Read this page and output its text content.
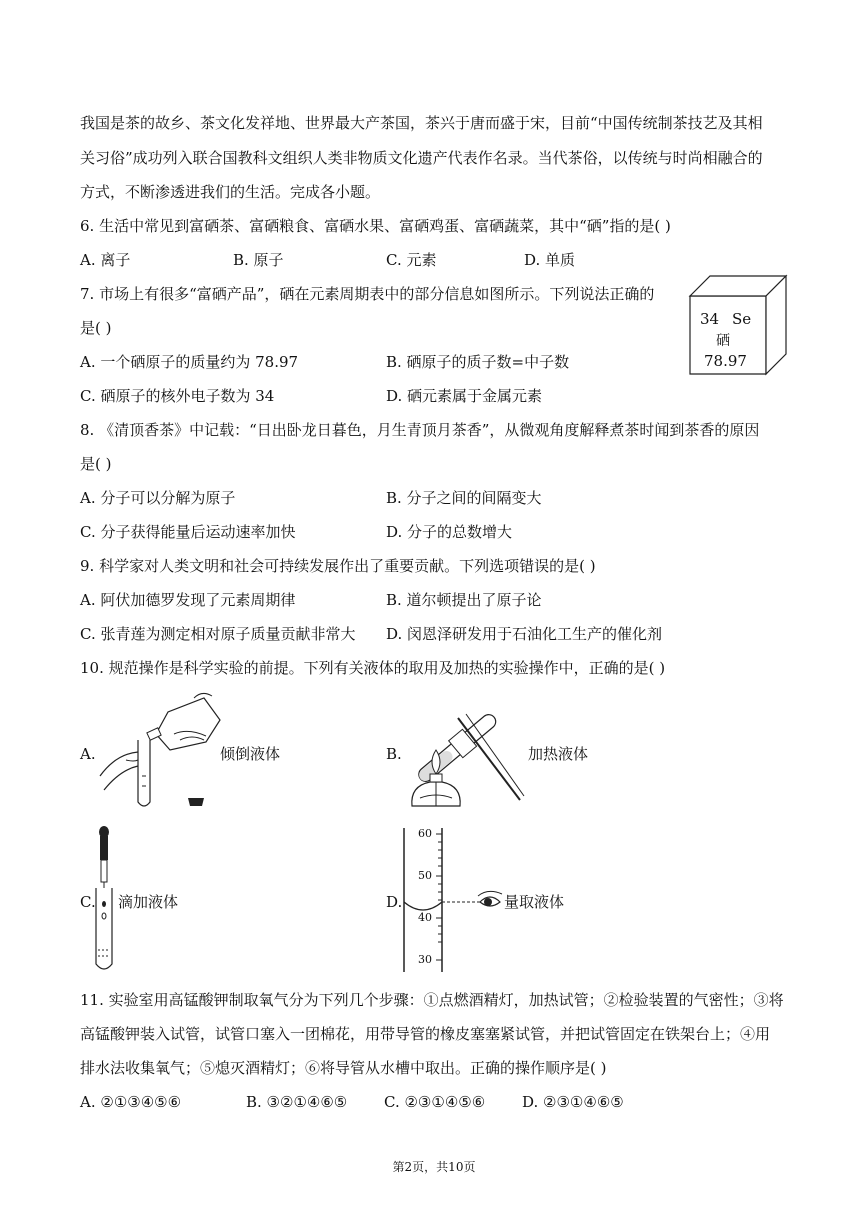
我国是茶的故乡、茶文化发祥地、世界最大产茶国，茶兴于唐而盛于宋，目前“中国传统制茶技艺及其相
关习俗”成功列入联合国教科文组织人类非物质文化遗产代表作名录。当代茶俗，以传统与时尚相融合的
方式，不断渗透进我们的生活。完成各小题。
6. 生活中常见到富硒茶、富硒粮食、富硒水果、富硒鸡蛋、富硒蔬菜，其中“硒”指的是( )
A. 离子	B. 原子	C. 元素	D. 单质
7. 市场上有很多“富硒产品”，硒在元素周期表中的部分信息如图所示。下列说法正确的
是( )
A. 一个硒原子的质量约为 78.97	B. 硒原子的质子数=中子数
C. 硒原子的核外电子数为 34	D. 硒元素属于金属元素
34 Se
硒
78.97
8. 《清顶香茶》中记载：“日出卧龙日暮色，月生青顶月茶香”，从微观角度解释煮茶时闻到茶香的原因
是( )
A. 分子可以分解为原子	B. 分子之间的间隔变大
C. 分子获得能量后运动速率加快	D. 分子的总数增大
9. 科学家对人类文明和社会可持续发展作出了重要贡献。下列选项错误的是( )
A. 阿伏加德罗发现了元素周期律	B. 道尔顿提出了原子论
C. 张青莲为测定相对原子质量贡献非常大 D. 闵恩泽研发用于石油化工生产的催化剂
10. 规范操作是科学实验的前提。下列有关液体的取用及加热的实验操作中，正确的是( )
A.	倾倒液体	B.	加热液体
C. 滴加液体	D.
60
50
40
30
量取液体
11. 实验室用高锰酸钾制取氧气分为下列几个步骤：①点燃酒精灯，加热试管；②检验装置的气密性；③将
高锰酸钾装入试管，试管口塞入一团棉花，用带导管的橡皮塞塞紧试管，并把试管固定在铁架台上；④用
排水法收集氧气；⑤熄灭酒精灯；⑥将导管从水槽中取出。正确的操作顺序是( )
A. ②①③④⑤⑥	B. ③②①④⑥⑤ C. ②③①④⑤⑥ D. ②③①④⑥⑤
第2页，共10页
